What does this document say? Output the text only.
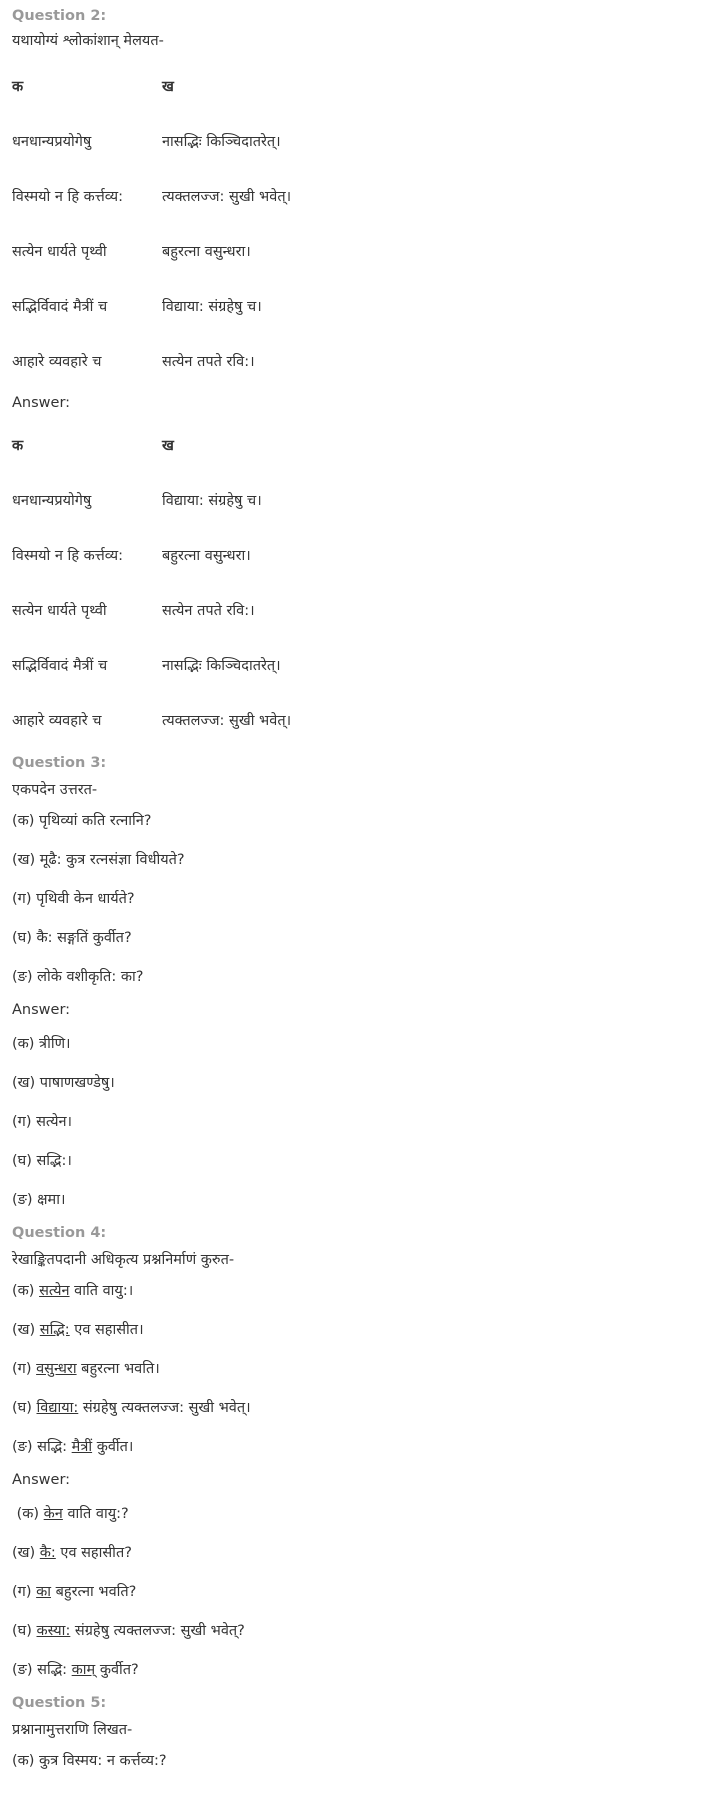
Question 2:
यथायोग्यं श्लोकांशान् मेलयत-
क	ख
धनधान्यप्रयोगेषु	नासद्भिः किञ्चिदातरेत्।
विस्मयो न हि कर्त्तव्य:	त्यक्तलज्ज: सुखी भवेत्।
सत्येन धार्यते पृथ्वी	बहुरत्ना वसुन्धरा।
सद्भिर्विवादं मैत्रीं च	विद्याया: संग्रहेषु च।
आहारे व्यवहारे च	सत्येन तपते रवि:।
Answer:
क	ख
धनधान्यप्रयोगेषु	विद्याया: संग्रहेषु च।
विस्मयो न हि कर्त्तव्य:	बहुरत्ना वसुन्धरा।
सत्येन धार्यते पृथ्वी	सत्येन तपते रवि:।
सद्भिर्विवादं मैत्रीं च	नासद्भिः किञ्चिदातरेत्।
आहारे व्यवहारे च	त्यक्तलज्ज: सुखी भवेत्।
Question 3:
एकपदेन उत्तरत-
(क) पृथिव्यां कति रत्नानि?
(ख) मूढै: कुत्र रत्नसंज्ञा विधीयते?
(ग) पृथिवी केन धार्यते?
(घ) कै: सङ्गतिं कुर्वीत?
(ङ) लोके वशीकृति: का?
Answer:
(क) त्रीणि।
(ख) पाषाणखण्डेषु।
(ग) सत्येन।
(घ) सद्भि:।
(ङ) क्षमा।
Question 4:
रेखाङ्कितपदानी अधिकृत्य प्रश्ननिर्माणं कुरुत-
(क) सत्येन वाति वायु:।
(ख) सद्भि: एव सहासीत।
(ग) वसुन्धरा बहुरत्ना भवति।
(घ) विद्याया: संग्रहेषु त्यक्तलज्ज: सुखी भवेत्।
(ङ) सद्भि: मैत्रीं कुर्वीत।
Answer:
(क) केन वाति वायु:?
(ख) कै: एव सहासीत?
(ग) का बहुरत्ना भवति?
(घ) कस्या: संग्रहेषु त्यक्तलज्ज: सुखी भवेत्?
(ङ) सद्भि: काम् कुर्वीत?
Question 5:
प्रश्नानामुत्तराणि लिखत-
(क) कुत्र विस्मय: न कर्त्तव्य:?
